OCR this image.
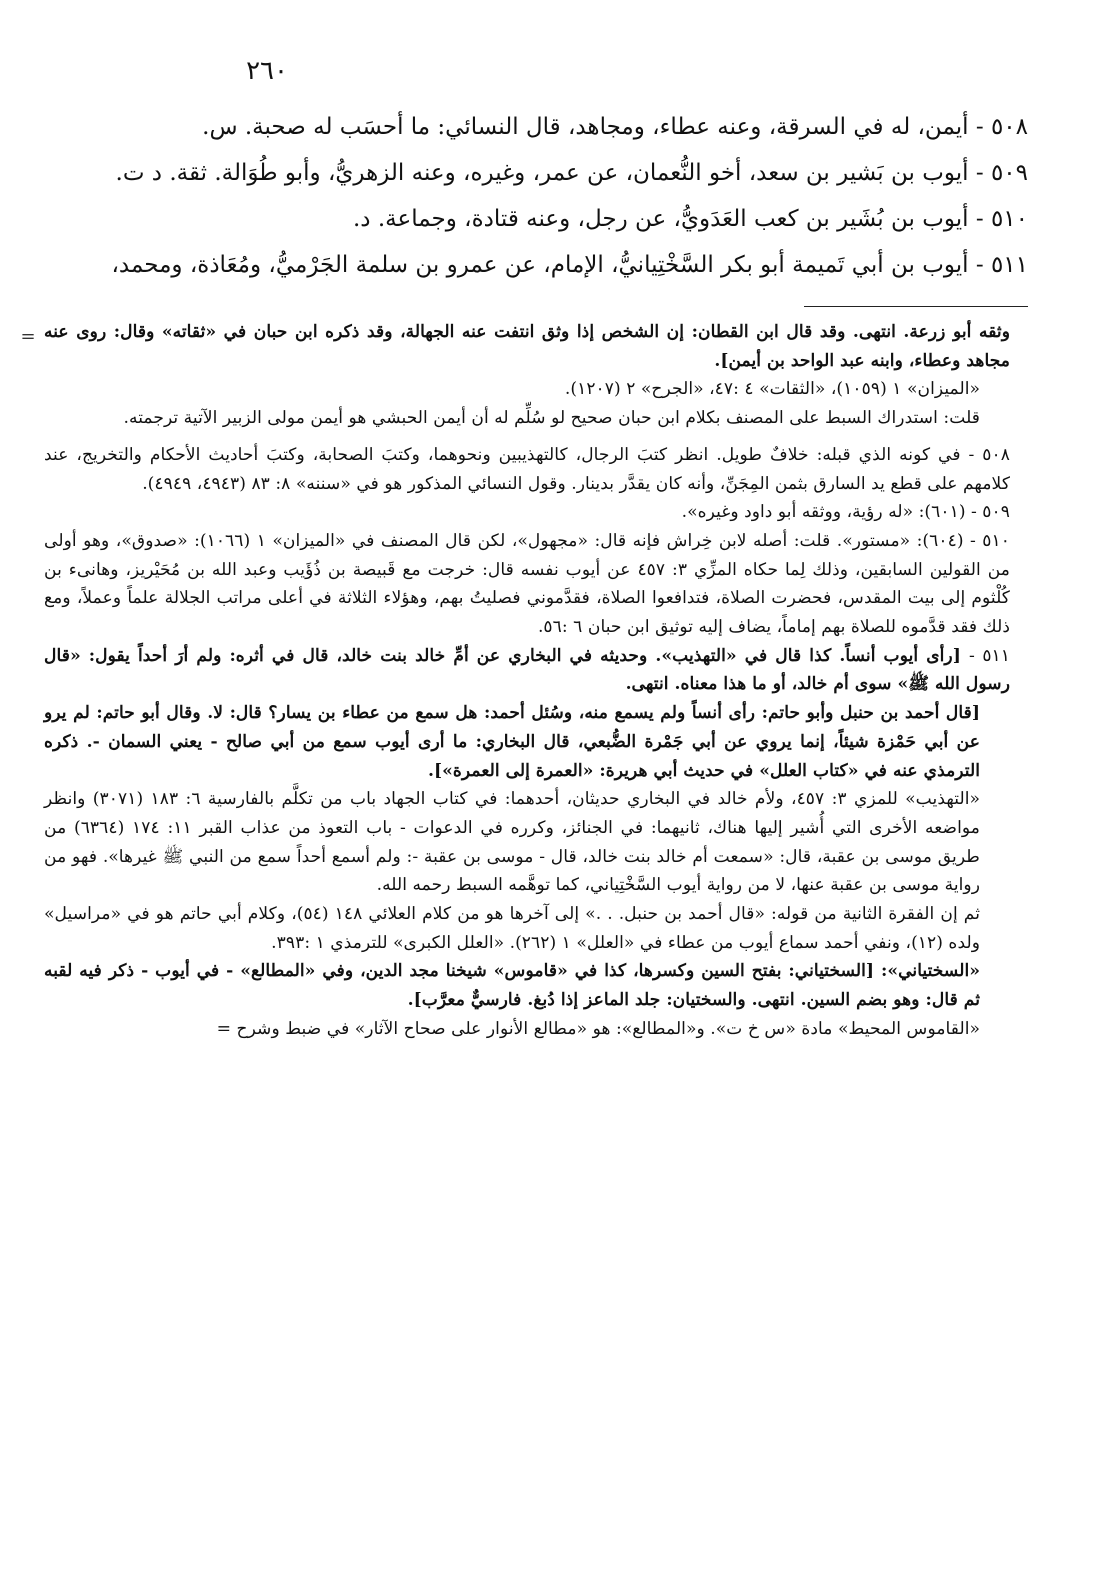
٢٦٠

٥٠٨ - أيمن، له في السرقة، وعنه عطاء، ومجاهد، قال النسائي: ما أحسَب له صحبة. س.

٥٠٩ - أيوب بن بَشير بن سعد، أخو النُّعمان، عن عمر، وغيره، وعنه الزهريُّ، وأبو طُوَالة. ثقة. د ت.

٥١٠ - أيوب بن بُشَير بن كعب العَدَويُّ، عن رجل، وعنه قتادة، وجماعة. د.

٥١١ - أيوب بن أبي تَميمة أبو بكر السَّخْتِيانيُّ، الإمام، عن عمرو بن سلمة الجَرْميُّ، ومُعَاذة، ومحمد،

= وثقه أبو زرعة. انتهى. وقد قال ابن القطان: إن الشخص إذا وثق انتفت عنه الجهالة، وقد ذكره ابن حبان في «ثقاته» وقال: روى عنه مجاهد وعطاء، وابنه عبد الواحد بن أيمن].

«الميزان» ١ (١٠٥٩)، «الثقات» ٤ :٤٧، «الجرح» ٢ (١٢٠٧).

قلت: استدراك السبط على المصنف بكلام ابن حبان صحيح لو سُلِّم له أن أيمن الحبشي هو أيمن مولى الزبير الآتية ترجمته.

٥٠٨ - في كونه الذي قبله: خلافٌ طويل. انظر كتبَ الرجال، كالتهذيبين ونحوهما، وكتبَ الصحابة، وكتبَ أحاديث الأحكام والتخريج، عند كلامهم على قطع يد السارق بثمن المِجَنِّ، وأنه كان يقدَّر بدينار. وقول النسائي المذكور هو في «سننه» ٨: ٨٣ (٤٩٤٣، ٤٩٤٩).

٥٠٩ - (٦٠١): «له رؤية، ووثقه أبو داود وغيره».

٥١٠ - (٦٠٤): «مستور». قلت: أصله لابن خِراش فإنه قال: «مجهول»، لكن قال المصنف في «الميزان» ١ (١٠٦٦): «صدوق»، وهو أولى من القولين السابقين، وذلك لِما حكاه المزِّي ٣: ٤٥٧ عن أيوب نفسه قال: خرجت مع قَبيصة بن ذُؤَيب وعبد الله بن مُحَيْريز، وهانىء بن كُلْثوم إلى بيت المقدس، فحضرت الصلاة، فتدافعوا الصلاة، فقدَّموني فصليتُ بهم، وهؤلاء الثلاثة في أعلى مراتب الجلالة علماً وعملاً، ومع ذلك فقد قدَّموه للصلاة بهم إماماً، يضاف إليه توثيق ابن حبان ٦ :٥٦.

٥١١ - [رأى أيوب أنساً. كذا قال في «التهذيب». وحديثه في البخاري عن أمِّ خالد بنت خالد، قال في أثره: ولم أرَ أحداً يقول: «قال رسول الله ﷺ» سوى أم خالد، أو ما هذا معناه. انتهى.

[قال أحمد بن حنبل وأبو حاتم: رأى أنساً ولم يسمع منه، وسُئل أحمد: هل سمع من عطاء بن يسار؟ قال: لا. وقال أبو حاتم: لم يرو عن أبي حَمْزة شيئاً، إنما يروي عن أبي جَمْرة الضُّبعي، قال البخاري: ما أرى أيوب سمع من أبي صالح - يعني السمان -. ذكره الترمذي عنه في «كتاب العلل» في حديث أبي هريرة: «العمرة إلى العمرة»].

«التهذيب» للمزي ٣: ٤٥٧، ولأم خالد في البخاري حديثان، أحدهما: في كتاب الجهاد باب من تكلَّم بالفارسية ٦: ١٨٣ (٣٠٧١) وانظر مواضعه الأخرى التي أُشير إليها هناك، ثانيهما: في الجنائز، وكرره في الدعوات - باب التعوذ من عذاب القبر ١١: ١٧٤ (٦٣٦٤) من طريق موسى بن عقبة، قال: «سمعت أم خالد بنت خالد، قال - موسى بن عقبة -: ولم أسمع أحداً سمع من النبي ﷺ غيرها». فهو من رواية موسى بن عقبة عنها، لا من رواية أيوب السَّخْتِياني، كما توهَّمه السبط رحمه الله.

ثم إن الفقرة الثانية من قوله: «قال أحمد بن حنبل. . .» إلى آخرها هو من كلام العلائي ١٤٨ (٥٤)، وكلام أبي حاتم هو في «مراسيل» ولده (١٢)، ونفي أحمد سماع أيوب من عطاء في «العلل» ١ (٢٦٢). «العلل الكبرى» للترمذي ١ :٣٩٣.

«السختياني»: [السختياني: بفتح السين وكسرها، كذا في «قاموس» شيخنا مجد الدين، وفي «المطالع» - في أيوب - ذكر فيه لقبه ثم قال: وهو بضم السين. انتهى. والسختيان: جلد الماعز إذا دُبغ. فارسيٌّ معرَّب].

«القاموس المحيط» مادة «س خ ت». و«المطالع»: هو «مطالع الأنوار على صحاح الآثار» في ضبط وشرح =
